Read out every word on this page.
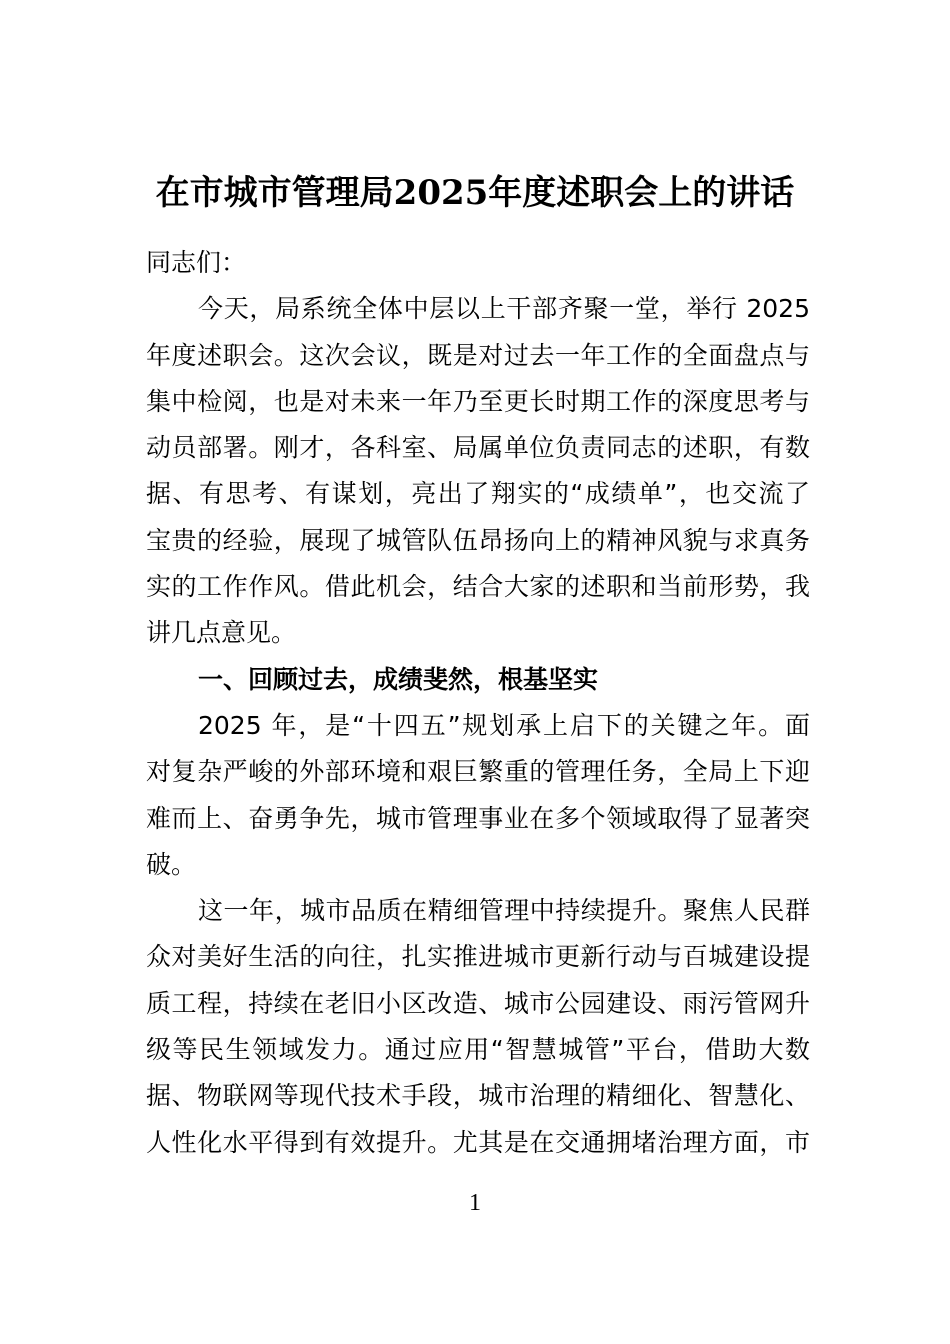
在市城市管理局2025年度述职会上的讲话
同志们：
今天，局系统全体中层以上干部齐聚一堂，举行 2025
年度述职会。这次会议，既是对过去一年工作的全面盘点与
集中检阅，也是对未来一年乃至更长时期工作的深度思考与
动员部署。刚才，各科室、局属单位负责同志的述职，有数
据、有思考、有谋划，亮出了翔实的“成绩单”，也交流了
宝贵的经验，展现了城管队伍昂扬向上的精神风貌与求真务
实的工作作风。借此机会，结合大家的述职和当前形势，我
讲几点意见。
一、回顾过去，成绩斐然，根基坚实
2025 年，是“十四五”规划承上启下的关键之年。面
对复杂严峻的外部环境和艰巨繁重的管理任务，全局上下迎
难而上、奋勇争先，城市管理事业在多个领域取得了显著突
破。
这一年，城市品质在精细管理中持续提升。聚焦人民群
众对美好生活的向往，扎实推进城市更新行动与百城建设提
质工程，持续在老旧小区改造、城市公园建设、雨污管网升
级等民生领域发力。通过应用“智慧城管”平台，借助大数
据、物联网等现代技术手段，城市治理的精细化、智慧化、
人性化水平得到有效提升。尤其是在交通拥堵治理方面，市
1
